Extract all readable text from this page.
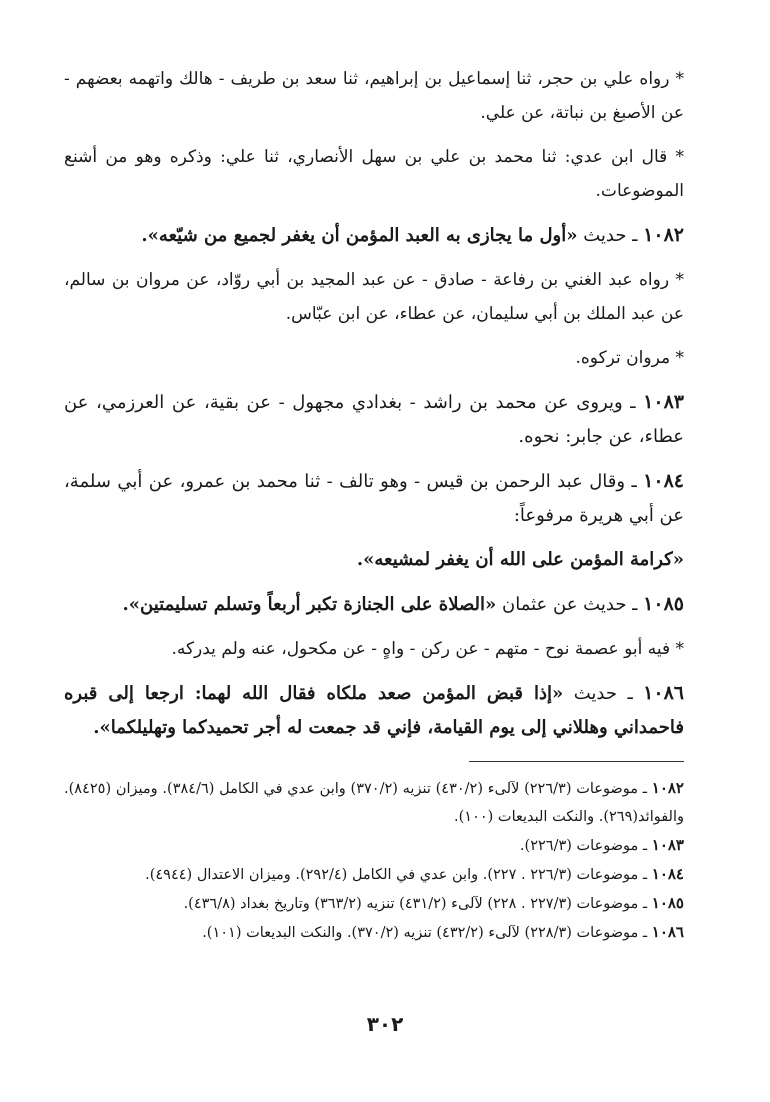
* رواه علي بن حجر، ثنا إسماعيل بن إبراهيم، ثنا سعد بن طريف - هالك واتهمه بعضهم - عن الأصبغ بن نباتة، عن علي.

* قال ابن عدي: ثنا محمد بن علي بن سهل الأنصاري، ثنا علي: وذكره وهو من أشنع الموضوعات.

١٠٨٢ ـ حديث «أول ما يجازى به العبد المؤمن أن يغفر لجميع من شيّعه».

* رواه عبد الغني بن رفاعة - صادق - عن عبد المجيد بن أبي روّاد، عن مروان بن سالم، عن عبد الملك بن أبي سليمان، عن عطاء، عن ابن عبّاس.

* مروان تركوه.

١٠٨٣ ـ ويروى عن محمد بن راشد - بغدادي مجهول - عن بقية، عن العرزمي، عن عطاء، عن جابر: نحوه.

١٠٨٤ ـ وقال عبد الرحمن بن قيس - وهو تالف - ثنا محمد بن عمرو، عن أبي سلمة، عن أبي هريرة مرفوعاً:

«كرامة المؤمن على الله أن يغفر لمشيعه».

١٠٨٥ ـ حديث عن عثمان «الصلاة على الجنازة تكبر أربعاً وتسلم تسليمتين».

* فيه أبو عصمة نوح - متهم - عن ركن - واهٍ - عن مكحول، عنه ولم يدركه.

١٠٨٦ ـ حديث «إذا قبض المؤمن صعد ملكاه فقال الله لهما: ارجعا إلى قبره فاحمداني وهللاني إلى يوم القيامة، فإني قد جمعت له أجر تحميدكما وتهليلكما».

١٠٨٢ ـ موضوعات (٢٢٦/٣) لآلىء (٤٣٠/٢) تنزيه (٣٧٠/٢) وابن عدي في الكامل (٣٨٤/٦). وميزان (٨٤٢٥). والفوائد(٢٦٩). والنكت البديعات (١٠٠).

١٠٨٣ ـ موضوعات (٢٢٦/٣).

١٠٨٤ ـ موضوعات (٢٢٦/٣ . ٢٢٧). وابن عدي في الكامل (٢٩٢/٤). وميزان الاعتدال (٤٩٤٤).

١٠٨٥ ـ موضوعات (٢٢٧/٣ . ٢٢٨) لآلىء (٤٣١/٢) تنزيه (٣٦٣/٢) وتاريخ بغداد (٤٣٦/٨).

١٠٨٦ ـ موضوعات (٢٢٨/٣) لآلىء (٤٣٢/٢) تنزيه (٣٧٠/٢). والنكت البديعات (١٠١).

٣٠٢
